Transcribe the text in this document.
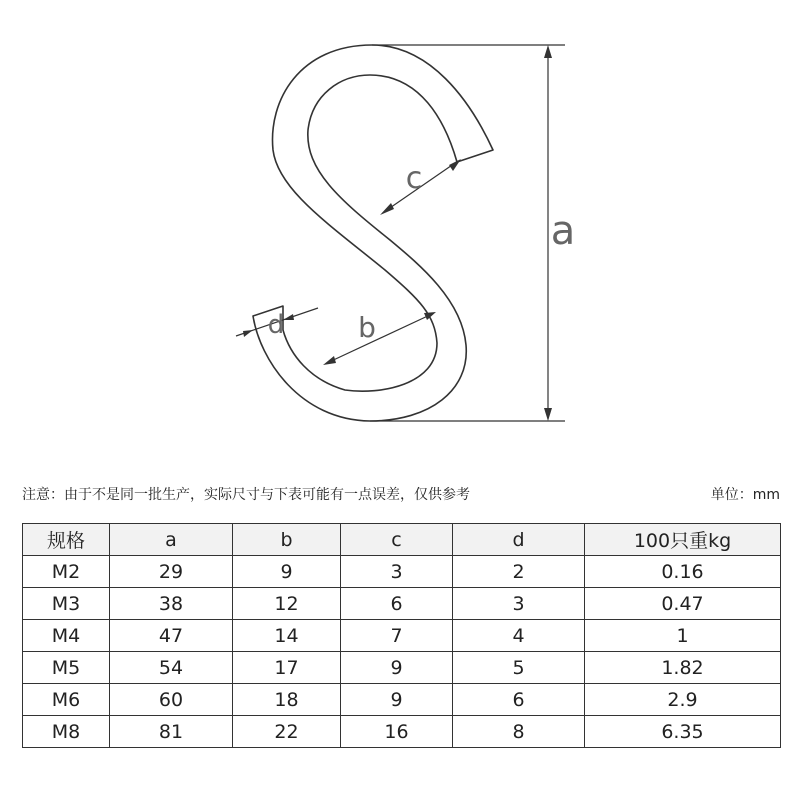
a
c
b
d
注意：由于不是同一批生产，实际尺寸与下表可能有一点误差，仅供参考	单位：mm
规格	a	b	c	d	100只重kg
M2	29	9	3	2	0.16
M3	38	12	6	3	0.47
M4	47	14	7	4	1
M5	54	17	9	5	1.82
M6	60	18	9	6	2.9
M8	81	22	16	8	6.35
